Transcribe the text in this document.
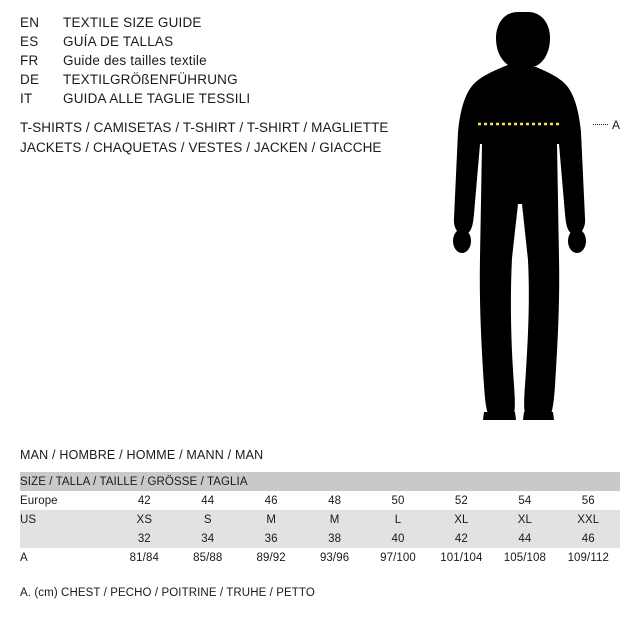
EN	TEXTILE SIZE GUIDE
ES	GUÍA DE TALLAS
FR	Guide des tailles textile
DE	TEXTILGRÖßENFÜHRUNG
IT	GUIDA ALLE TAGLIE TESSILI
T-SHIRTS / CAMISETAS / T-SHIRT / T-SHIRT / MAGLIETTE
JACKETS / CHAQUETAS / VESTES / JACKEN / GIACCHE
A
MAN / HOMBRE / HOMME / MANN / MAN
SIZE / TALLA / TAILLE / GRÖSSE / TAGLIA								
Europe	42	44	46	48	50	52	54	56
US	XS	S	M	M	L	XL	XL	XXL
	32	34	36	38	40	42	44	46
A	81/84	85/88	89/92	93/96	97/100	101/104	105/108	109/112
A. (cm) CHEST / PECHO / POITRINE / TRUHE / PETTO
